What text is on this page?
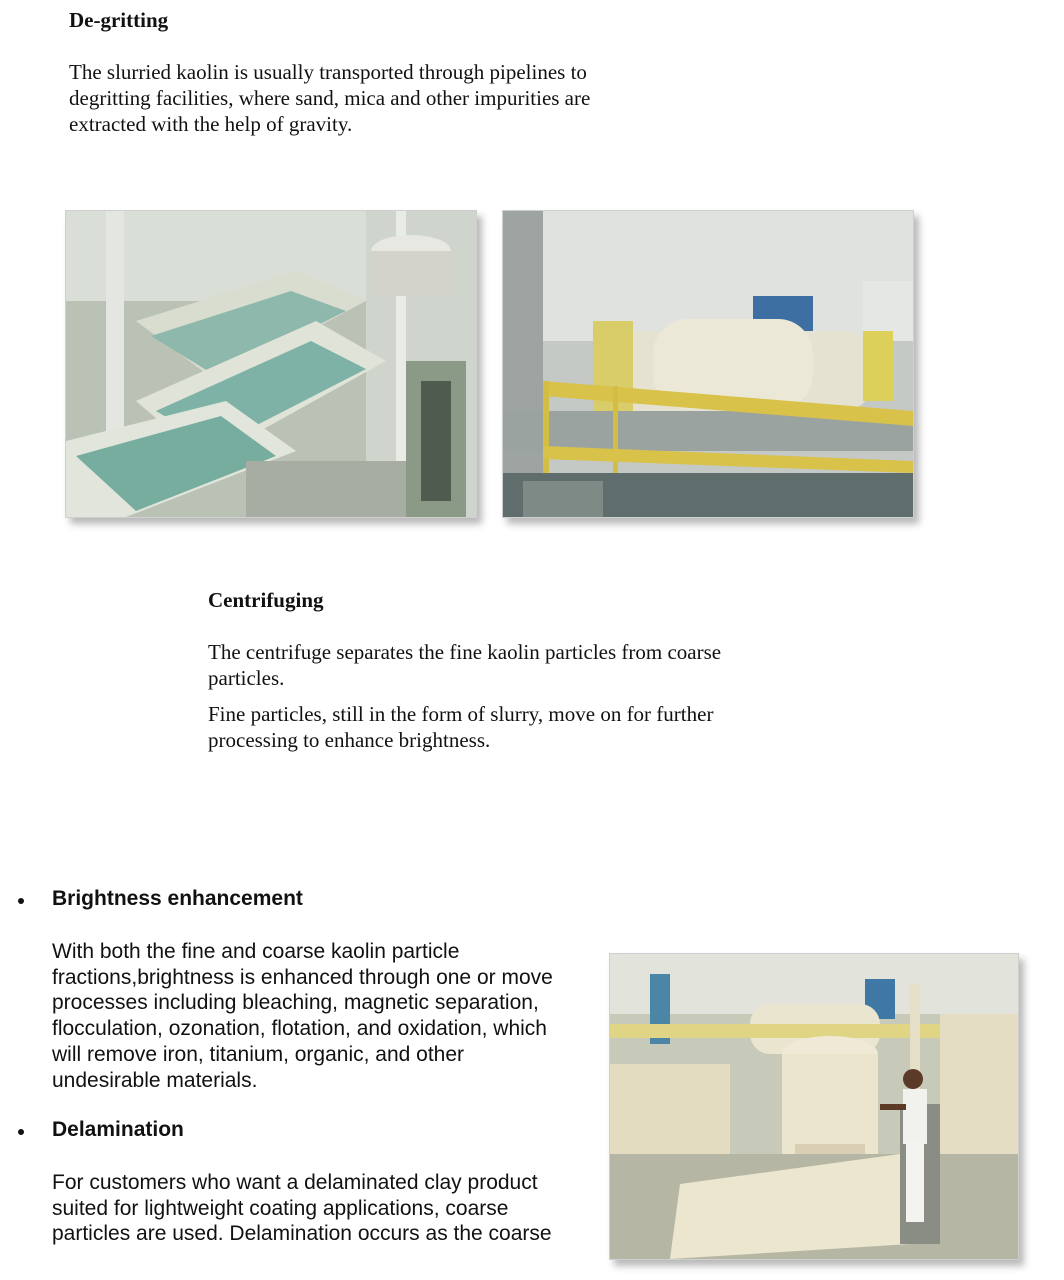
De-gritting

The slurried kaolin is usually transported through pipelines to

degritting facilities, where sand, mica and other impurities are

extracted with the help of gravity.

Centrifuging

The centrifuge separates the fine kaolin particles from coarse

particles.

Fine particles, still in the form of slurry, move on for further

processing to enhance brightness.

Brightness enhancement

With both the fine and coarse kaolin particle

fractions,brightness is enhanced through one or move

processes including bleaching, magnetic separation,

flocculation, ozonation, flotation, and oxidation, which

will remove iron, titanium, organic, and other

undesirable materials.

Delamination

For customers who want a delaminated clay product

suited for lightweight coating applications, coarse

particles are used. Delamination occurs as the coarse
